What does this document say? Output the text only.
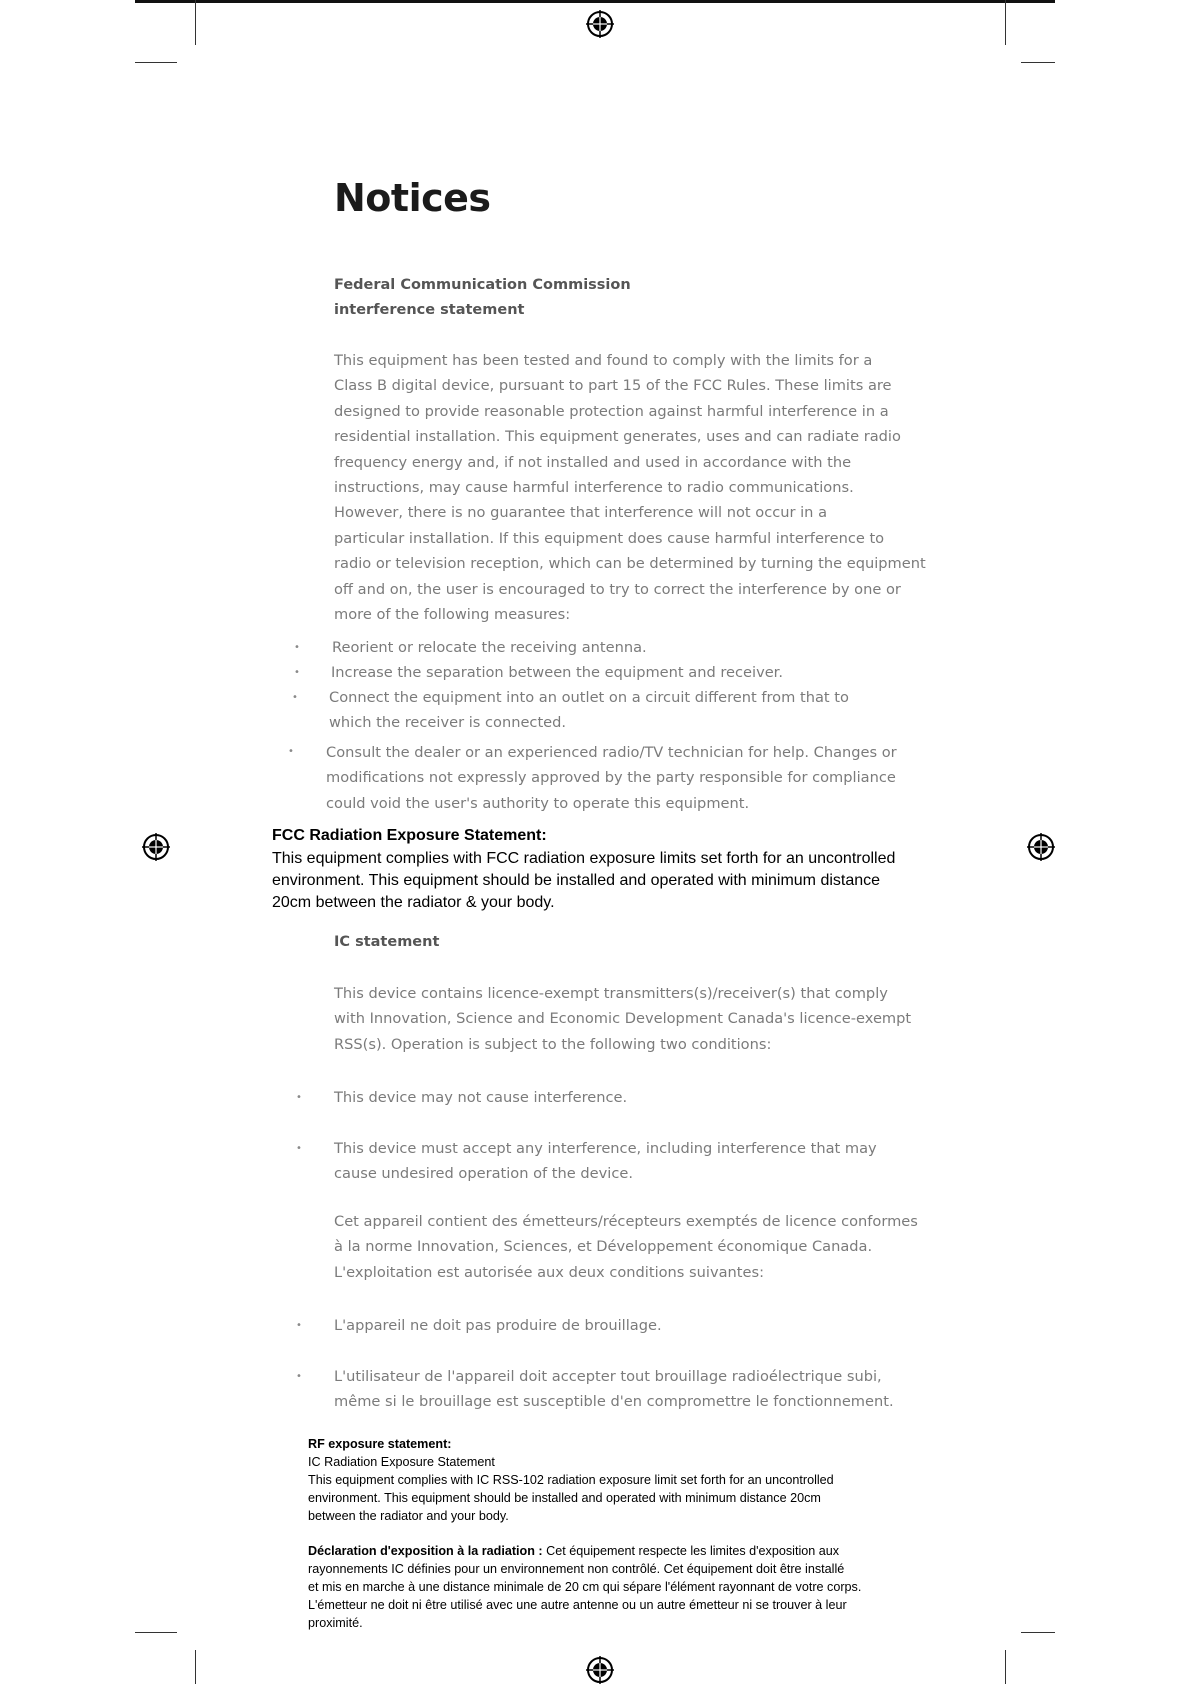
Notices
Federal Communication Commission
interference statement
This equipment has been tested and found to comply with the limits for a
Class B digital device, pursuant to part 15 of the FCC Rules. These limits are
designed to provide reasonable protection against harmful interference in a
residential installation. This equipment generates, uses and can radiate radio
frequency energy and, if not installed and used in accordance with the
instructions, may cause harmful interference to radio communications.
However, there is no guarantee that interference will not occur in a
particular installation. If this equipment does cause harmful interference to
radio or television reception, which can be determined by turning the equipment
off and on, the user is encouraged to try to correct the interference by one or
more of the following measures:
• Reorient or relocate the receiving antenna.
• Increase the separation between the equipment and receiver.
• Connect the equipment into an outlet on a circuit different from that to
which the receiver is connected.
• Consult the dealer or an experienced radio/TV technician for help. Changes or
modifications not expressly approved by the party responsible for compliance
could void the user's authority to operate this equipment.
FCC Radiation Exposure Statement:
This equipment complies with FCC radiation exposure limits set forth for an uncontrolled
environment. This equipment should be installed and operated with minimum distance
20cm between the radiator & your body.
IC statement
This device contains licence-exempt transmitters(s)/receiver(s) that comply
with Innovation, Science and Economic Development Canada's licence-exempt
RSS(s). Operation is subject to the following two conditions:
• This device may not cause interference.
• This device must accept any interference, including interference that may
cause undesired operation of the device.
Cet appareil contient des émetteurs/récepteurs exemptés de licence conformes
à la norme Innovation, Sciences, et Développement économique Canada.
L'exploitation est autorisée aux deux conditions suivantes:
• L'appareil ne doit pas produire de brouillage.
• L'utilisateur de l'appareil doit accepter tout brouillage radioélectrique subi,
même si le brouillage est susceptible d'en compromettre le fonctionnement.
RF exposure statement:
IC Radiation Exposure Statement
This equipment complies with IC RSS-102 radiation exposure limit set forth for an uncontrolled
environment. This equipment should be installed and operated with minimum distance 20cm
between the radiator and your body.
Déclaration d'exposition à la radiation : Cet équipement respecte les limites d'exposition aux
rayonnements IC définies pour un environnement non contrôlé. Cet équipement doit être installé
et mis en marche à une distance minimale de 20 cm qui sépare l'élément rayonnant de votre corps.
L'émetteur ne doit ni être utilisé avec une autre antenne ou un autre émetteur ni se trouver à leur
proximité.
